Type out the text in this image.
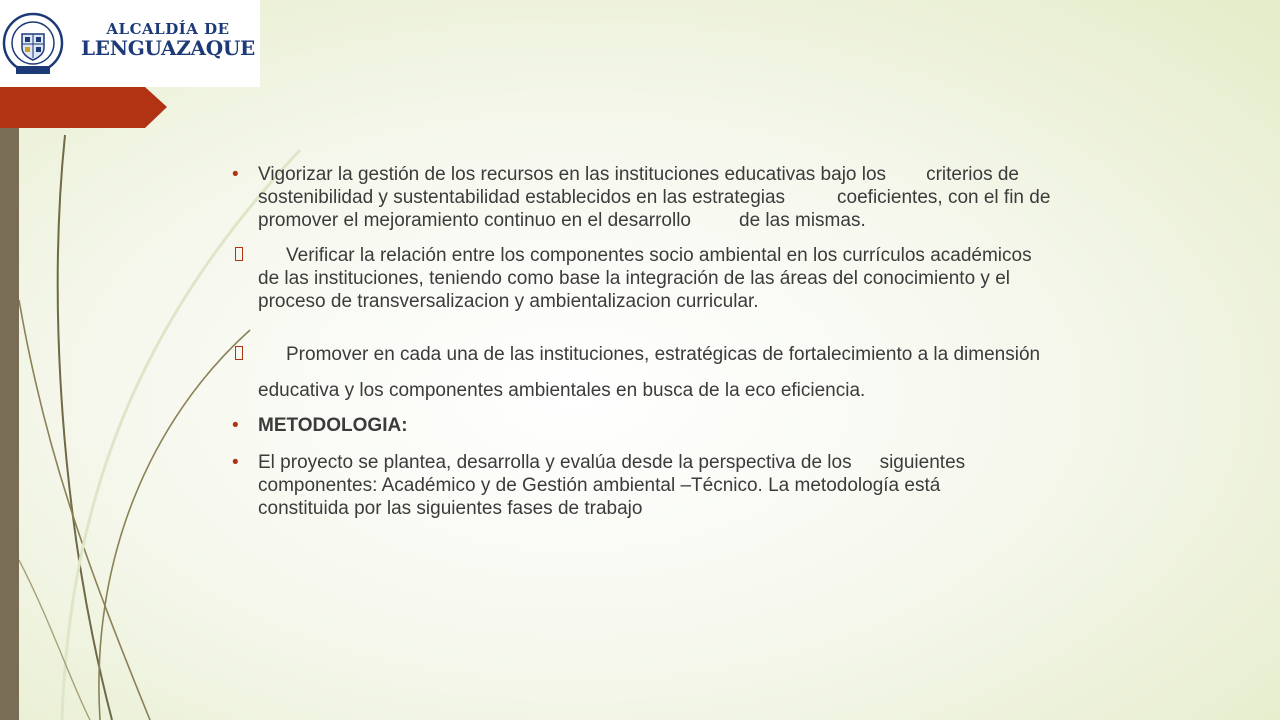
ALCALDÍA DE
LENGUAZAQUE
• Vigorizar la gestión de los recursos en las instituciones educativas bajo los criterios de
sostenibilidad y sustentabilidad establecidos en las estrategias	coeficientes, con el fin de
promover el mejoramiento continuo en el desarrollo	de las mismas.
Verificar la relación entre los componentes socio ambiental en los currículos académicos
de las instituciones, teniendo como base la integración de las áreas del conocimiento y el
proceso de transversalizacion y ambientalizacion curricular.
Promover en cada una de las instituciones, estratégicas de fortalecimiento a la dimensión
educativa y los componentes ambientales en busca de la eco eficiencia.
• METODOLOGIA:
• El proyecto se plantea, desarrolla y evalúa desde la perspectiva de los siguientes
componentes: Académico y de Gestión ambiental –Técnico. La metodología está
constituida por las siguientes fases de trabajo
